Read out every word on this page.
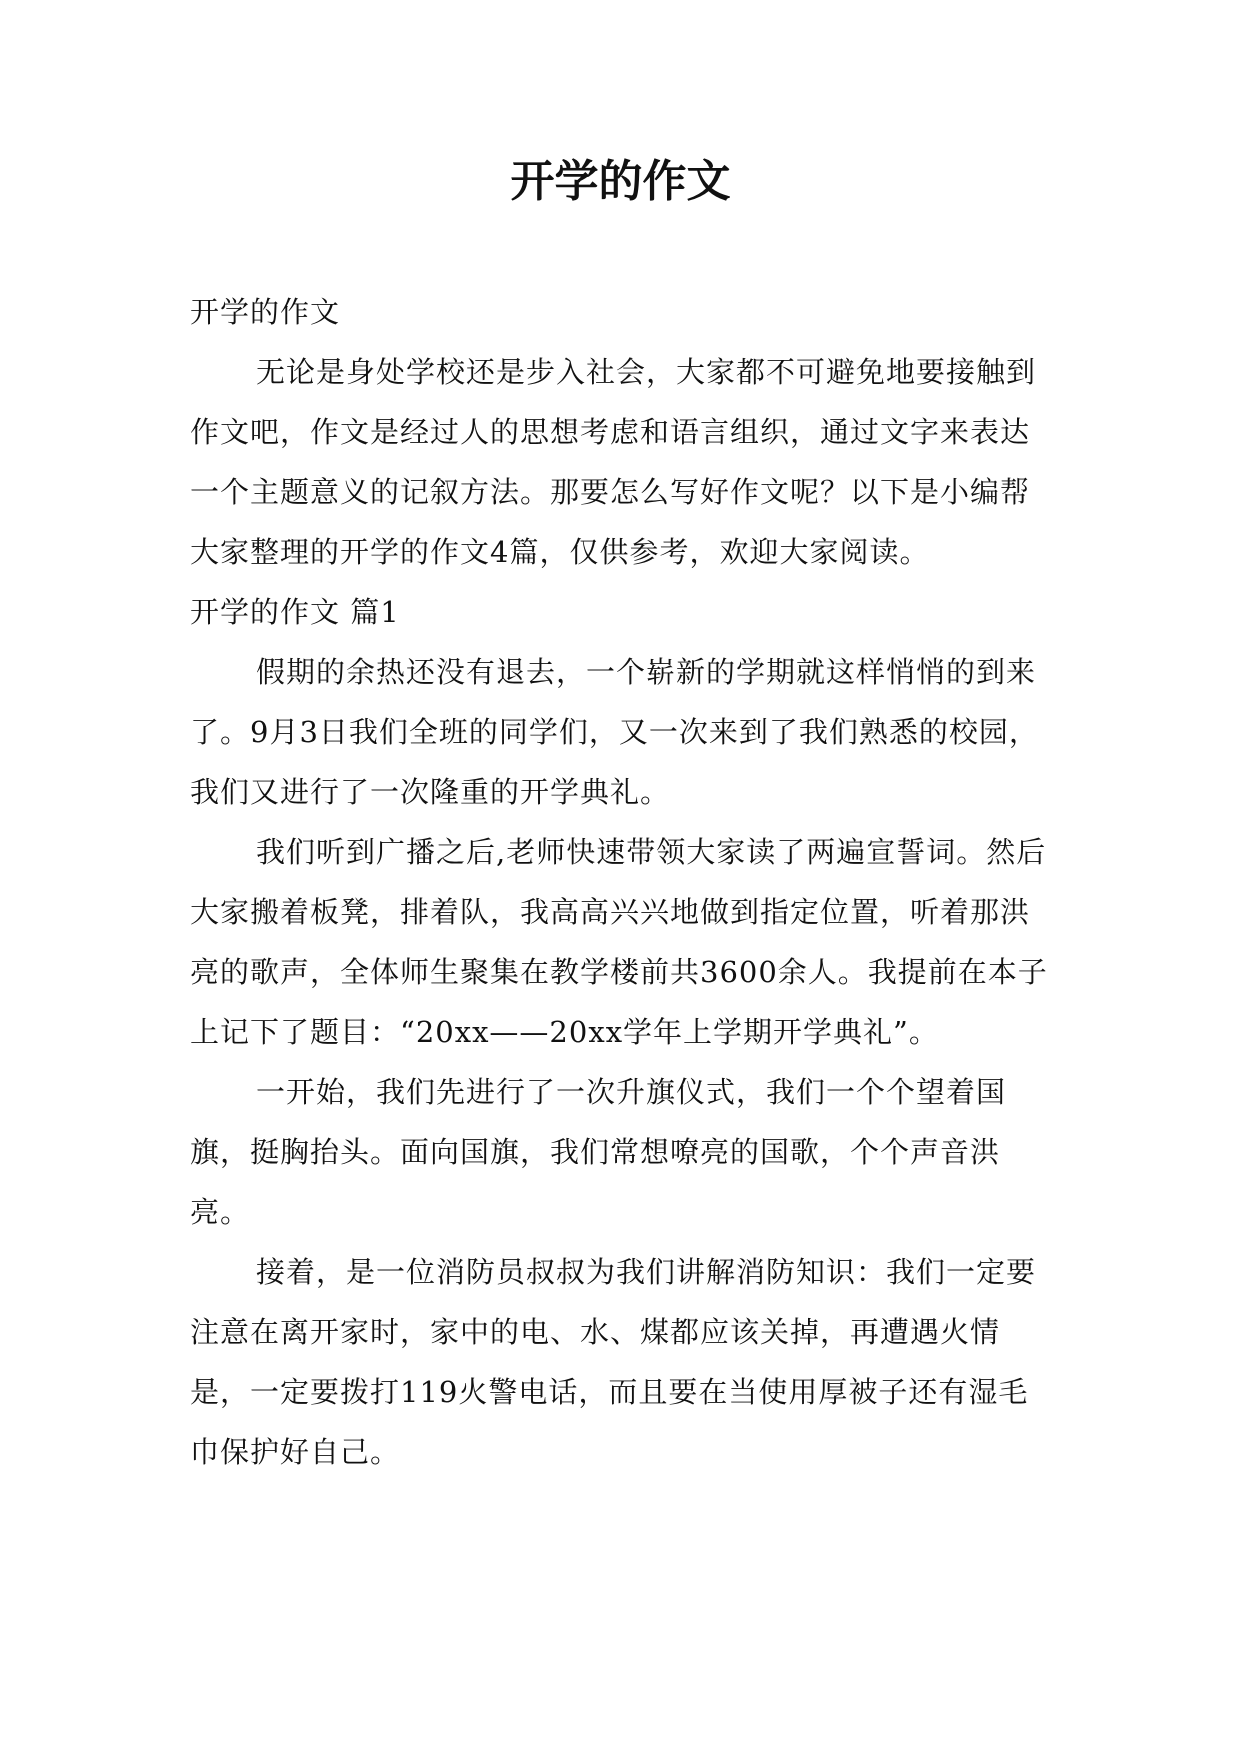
开学的作文

开学的作文

无论是身处学校还是步入社会，大家都不可避免地要接触到作文吧，作文是经过人的思想考虑和语言组织，通过文字来表达一个主题意义的记叙方法。那要怎么写好作文呢？以下是小编帮大家整理的开学的作文4篇，仅供参考，欢迎大家阅读。

开学的作文 篇1

假期的余热还没有退去，一个崭新的学期就这样悄悄的到来了。9月3日我们全班的同学们，又一次来到了我们熟悉的校园，我们又进行了一次隆重的开学典礼。

我们听到广播之后,老师快速带领大家读了两遍宣誓词。然后大家搬着板凳，排着队，我高高兴兴地做到指定位置，听着那洪亮的歌声，全体师生聚集在教学楼前共3600余人。我提前在本子上记下了题目：“20xx——20xx学年上学期开学典礼”。

一开始，我们先进行了一次升旗仪式，我们一个个望着国旗，挺胸抬头。面向国旗，我们常想嘹亮的国歌，个个声音洪亮。

接着，是一位消防员叔叔为我们讲解消防知识：我们一定要注意在离开家时，家中的电、水、煤都应该关掉，再遭遇火情是，一定要拨打119火警电话，而且要在当使用厚被子还有湿毛巾保护好自己。
